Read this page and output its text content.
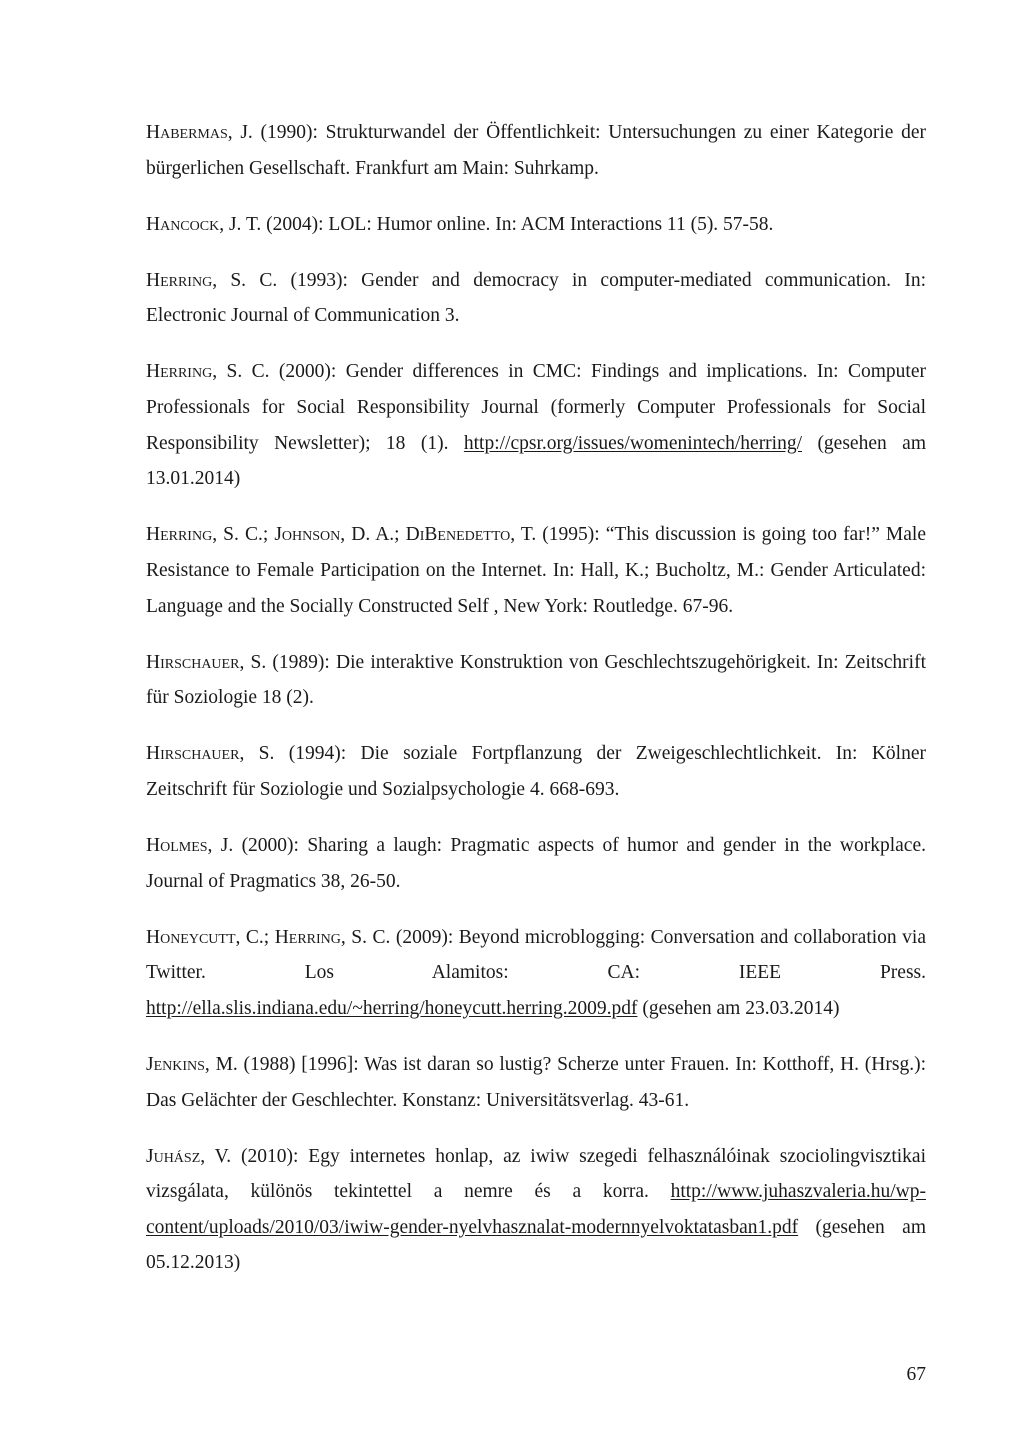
Habermas, J. (1990): Strukturwandel der Öffentlichkeit: Untersuchungen zu einer Kategorie der bürgerlichen Gesellschaft. Frankfurt am Main: Suhrkamp.

Hancock, J. T. (2004): LOL: Humor online. In: ACM Interactions 11 (5). 57-58.

Herring, S. C. (1993): Gender and democracy in computer-mediated communication. In: Electronic Journal of Communication 3.

Herring, S. C. (2000): Gender differences in CMC: Findings and implications. In: Computer Professionals for Social Responsibility Journal (formerly Computer Professionals for Social Responsibility Newsletter); 18 (1). http://cpsr.org/issues/womenintech/herring/ (gesehen am 13.01.2014)

Herring, S. C.; Johnson, D. A.; DiBenedetto, T. (1995): “This discussion is going too far!” Male Resistance to Female Participation on the Internet. In: Hall, K.; Bucholtz, M.: Gender Articulated: Language and the Socially Constructed Self , New York: Routledge. 67-96.

Hirschauer, S. (1989): Die interaktive Konstruktion von Geschlechtszugehörigkeit. In: Zeitschrift für Soziologie 18 (2).

Hirschauer, S. (1994): Die soziale Fortpflanzung der Zweigeschlechtlichkeit. In: Kölner Zeitschrift für Soziologie und Sozialpsychologie 4. 668-693.

Holmes, J. (2000): Sharing a laugh: Pragmatic aspects of humor and gender in the workplace. Journal of Pragmatics 38, 26-50.

Honeycutt, C.; Herring, S. C. (2009): Beyond microblogging: Conversation and collaboration via Twitter. Los Alamitos: CA: IEEE Press. http://ella.slis.indiana.edu/~herring/honeycutt.herring.2009.pdf (gesehen am 23.03.2014)

Jenkins, M. (1988) [1996]: Was ist daran so lustig? Scherze unter Frauen. In: Kotthoff, H. (Hrsg.): Das Gelächter der Geschlechter. Konstanz: Universitätsverlag. 43-61.

Juhász, V. (2010): Egy internetes honlap, az iwiw szegedi felhasználóinak szociolingvisztikai vizsgálata, különös tekintettel a nemre és a korra. http://www.juhaszvaleria.hu/wp-content/uploads/2010/03/iwiw-gender-nyelvhasznalat-modernnyelvoktatasban1.pdf (gesehen am 05.12.2013)

67
